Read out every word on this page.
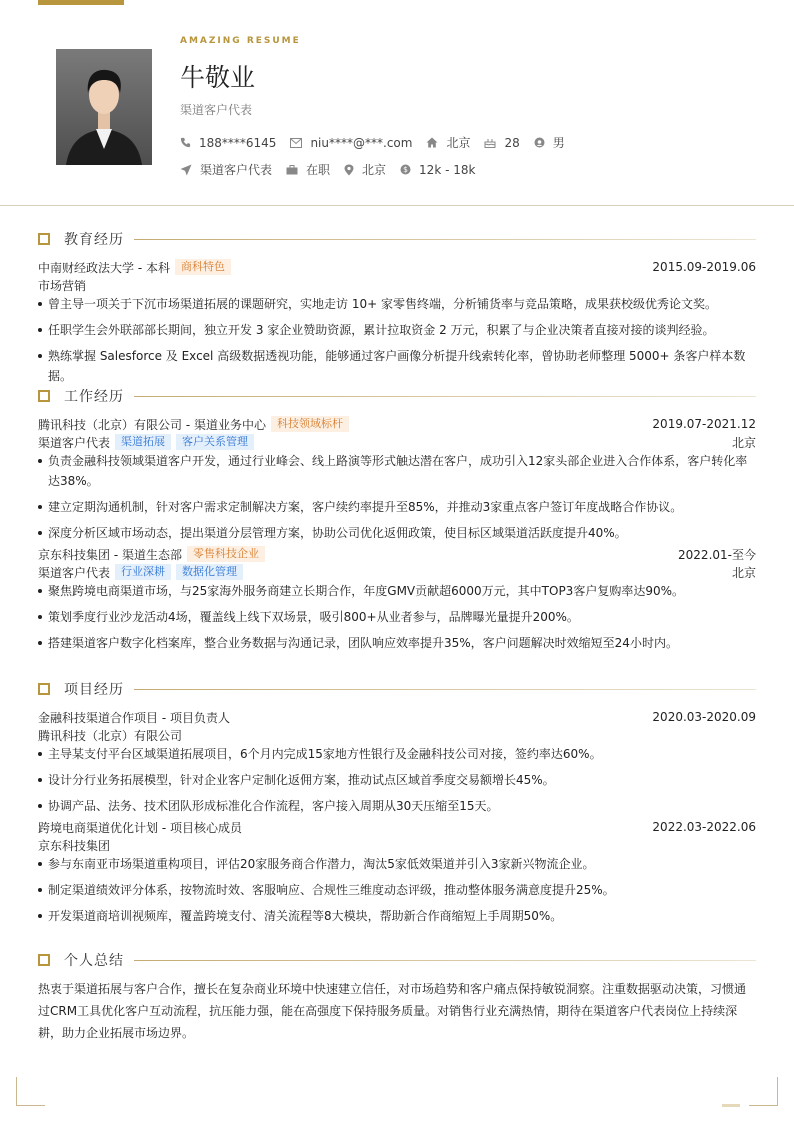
AMAZING RESUME
牛敬业
渠道客户代表
188****6145	niu****@***.com	北京	28	男
渠道客户代表	在职	北京 $ 12k - 18k
教育经历
中南财经政法大学 - 本科	商科特色	2015.09-2019.06
市场营销
曾主导一项关于下沉市场渠道拓展的课题研究，实地走访 10+ 家零售终端，分析铺货率与竞品策略，成果获校级优秀论文奖。
任职学生会外联部部长期间，独立开发 3 家企业赞助资源，累计拉取资金 2 万元，积累了与企业决策者直接对接的谈判经验。
熟练掌握 Salesforce 及 Excel 高级数据透视功能，能够通过客户画像分析提升线索转化率，曾协助老师整理 5000+ 条客户样本数据。
工作经历
腾讯科技（北京）有限公司 - 渠道业务中心	科技领域标杆	2019.07-2021.12
渠道客户代表	渠道拓展	客户关系管理	北京
负责金融科技领域渠道客户开发，通过行业峰会、线上路演等形式触达潜在客户，成功引入12家头部企业进入合作体系，客户转化率达38%。
建立定期沟通机制，针对客户需求定制解决方案，客户续约率提升至85%，并推动3家重点客户签订年度战略合作协议。
深度分析区域市场动态，提出渠道分层管理方案，协助公司优化返佣政策，使目标区域渠道活跃度提升40%。
京东科技集团 - 渠道生态部	零售科技企业	2022.01-至今
渠道客户代表	行业深耕	数据化管理	北京
聚焦跨境电商渠道市场，与25家海外服务商建立长期合作，年度GMV贡献超6000万元，其中TOP3客户复购率达90%。
策划季度行业沙龙活动4场，覆盖线上线下双场景，吸引800+从业者参与，品牌曝光量提升200%。
搭建渠道客户数字化档案库，整合业务数据与沟通记录，团队响应效率提升35%，客户问题解决时效缩短至24小时内。
项目经历
金融科技渠道合作项目 - 项目负责人	2020.03-2020.09
腾讯科技（北京）有限公司
主导某支付平台区域渠道拓展项目，6个月内完成15家地方性银行及金融科技公司对接，签约率达60%。
设计分行业务拓展模型，针对企业客户定制化返佣方案，推动试点区域首季度交易额增长45%。
协调产品、法务、技术团队形成标准化合作流程，客户接入周期从30天压缩至15天。
跨境电商渠道优化计划 - 项目核心成员	2022.03-2022.06
京东科技集团
参与东南亚市场渠道重构项目，评估20家服务商合作潜力，淘汰5家低效渠道并引入3家新兴物流企业。
制定渠道绩效评分体系，按物流时效、客服响应、合规性三维度动态评级，推动整体服务满意度提升25%。
开发渠道商培训视频库，覆盖跨境支付、清关流程等8大模块，帮助新合作商缩短上手周期50%。
个人总结
热衷于渠道拓展与客户合作，擅长在复杂商业环境中快速建立信任，对市场趋势和客户痛点保持敏锐洞察。注重数据驱动决策，习惯通过CRM工具优化客户互动流程，抗压能力强，能在高强度下保持服务质量。对销售行业充满热情，期待在渠道客户代表岗位上持续深耕，助力企业拓展市场边界。
